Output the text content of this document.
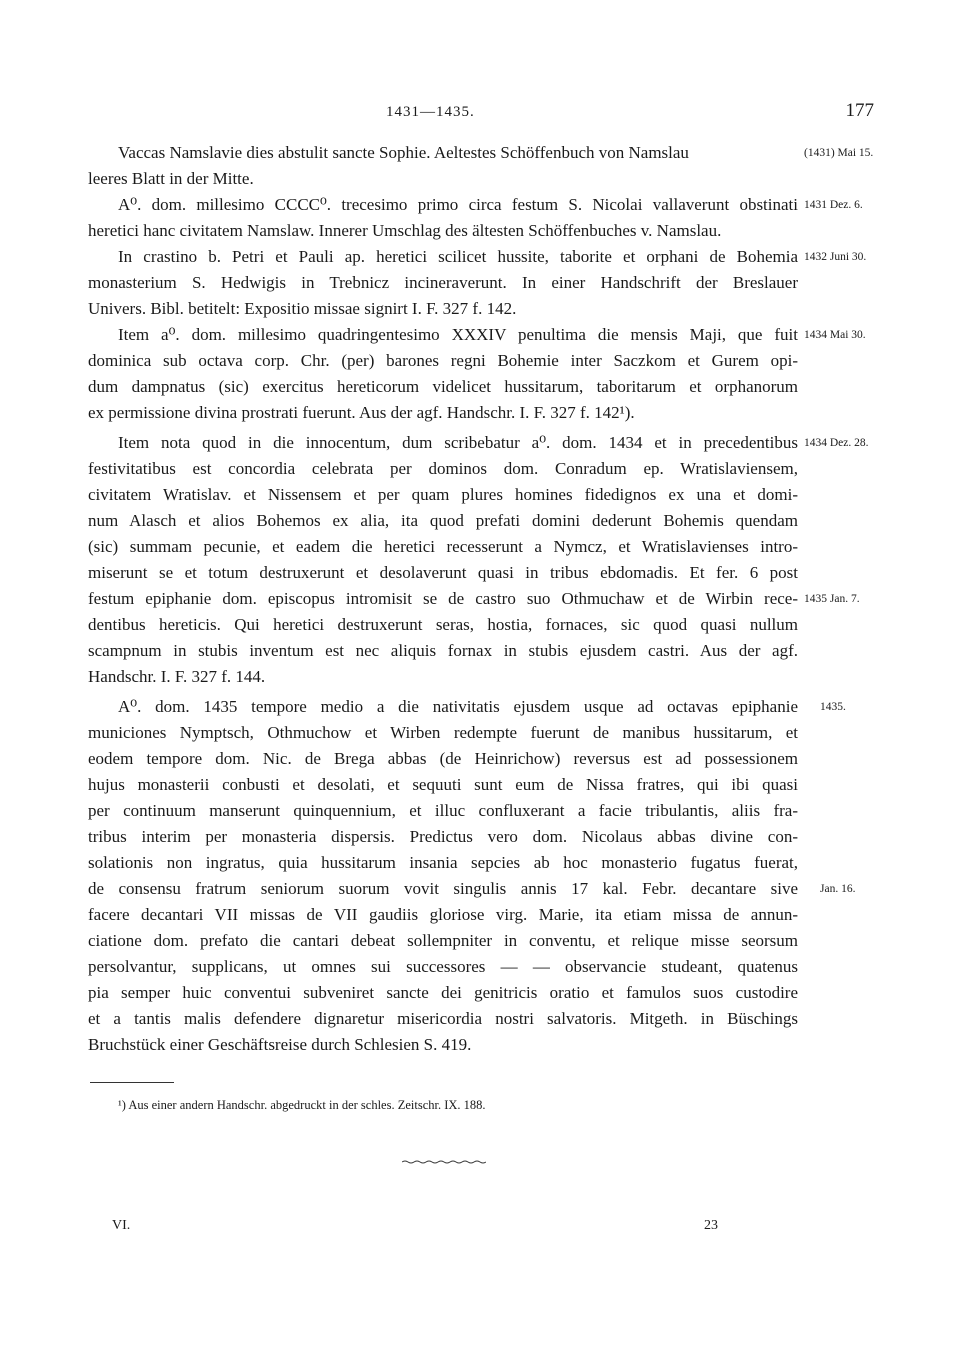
1431—1435.	177
Vaccas Namslavie dies abstulit sancte Sophie. Aeltestes Schöffenbuch von Namslau
leeres Blatt in der Mitte.
A⁰. dom. millesimo CCCC⁰. trecesimo primo circa festum S. Nicolai vallaverunt obstinati
heretici hanc civitatem Namslaw. Innerer Umschlag des ältesten Schöffenbuches v. Namslau.
In crastino b. Petri et Pauli ap. heretici scilicet hussite, taborite et orphani de Bohemia
monasterium S. Hedwigis in Trebnicz incineraverunt. In einer Handschrift der Breslauer
Univers. Bibl. betitelt: Expositio missae signirt I. F. 327 f. 142.
Item a⁰. dom. millesimo quadringentesimo XXXIV penultima die mensis Maji, que fuit
dominica sub octava corp. Chr. (per) barones regni Bohemie inter Saczkom et Gurem opi-
dum dampnatus (sic) exercitus hereticorum videlicet hussitarum, taboritarum et orphanorum
ex permissione divina prostrati fuerunt. Aus der agf. Handschr. I. F. 327 f. 142¹).
Item nota quod in die innocentum, dum scribebatur a⁰. dom. 1434 et in precedentibus
festivitatibus est concordia celebrata per dominos dom. Conradum ep. Wratislaviensem,
civitatem Wratislav. et Nissensem et per quam plures homines fidedignos ex una et domi-
num Alasch et alios Bohemos ex alia, ita quod prefati domini dederunt Bohemis quendam
(sic) summam pecunie, et eadem die heretici recesserunt a Nymcz, et Wratislavienses intro-
miserunt se et totum destruxerunt et desolaverunt quasi in tribus ebdomadis. Et fer. 6 post
festum epiphanie dom. episcopus intromisit se de castro suo Othmuchaw et de Wirbin rece-
dentibus hereticis. Qui heretici destruxerunt seras, hostia, fornaces, sic quod quasi nullum
scampnum in stubis inventum est nec aliquis fornax in stubis ejusdem castri. Aus der agf.
Handschr. I. F. 327 f. 144.
A⁰. dom. 1435 tempore medio a die nativitatis ejusdem usque ad octavas epiphanie
municiones Nymptsch, Othmuchow et Wirben redempte fuerunt de manibus hussitarum, et
eodem tempore dom. Nic. de Brega abbas (de Heinrichow) reversus est ad possessionem
hujus monasterii conbusti et desolati, et sequuti sunt eum de Nissa fratres, qui ibi quasi
per continuum manserunt quinquennium, et illuc confluxerant a facie tribulantis, aliis fra-
tribus interim per monasteria dispersis. Predictus vero dom. Nicolaus abbas divine con-
solationis non ingratus, quia hussitarum insania sepcies ab hoc monasterio fugatus fuerat,
de consensu fratrum seniorum suorum vovit singulis annis 17 kal. Febr. decantare sive
facere decantari VII missas de VII gaudiis gloriose virg. Marie, ita etiam missa de annun-
ciatione dom. prefato die cantari debeat sollempniter in conventu, et relique misse seorsum
persolvantur, supplicans, ut omnes sui successores — — observancie studeant, quatenus
pia semper huic conventui subveniret sancte dei genitricis oratio et famulos suos custodire
et a tantis malis defendere dignaretur misericordia nostri salvatoris. Mitgeth. in Büschings
Bruchstück einer Geschäftsreise durch Schlesien S. 419.
(1431) Mai 15.
1431 Dez. 6.
1432 Juni 30.
1434 Mai 30.
1434 Dez. 28.
1435 Jan. 7.
1435.
Jan. 16.
¹) Aus einer andern Handschr. abgedruckt in der schles. Zeitschr. IX. 188.
VI.	23
